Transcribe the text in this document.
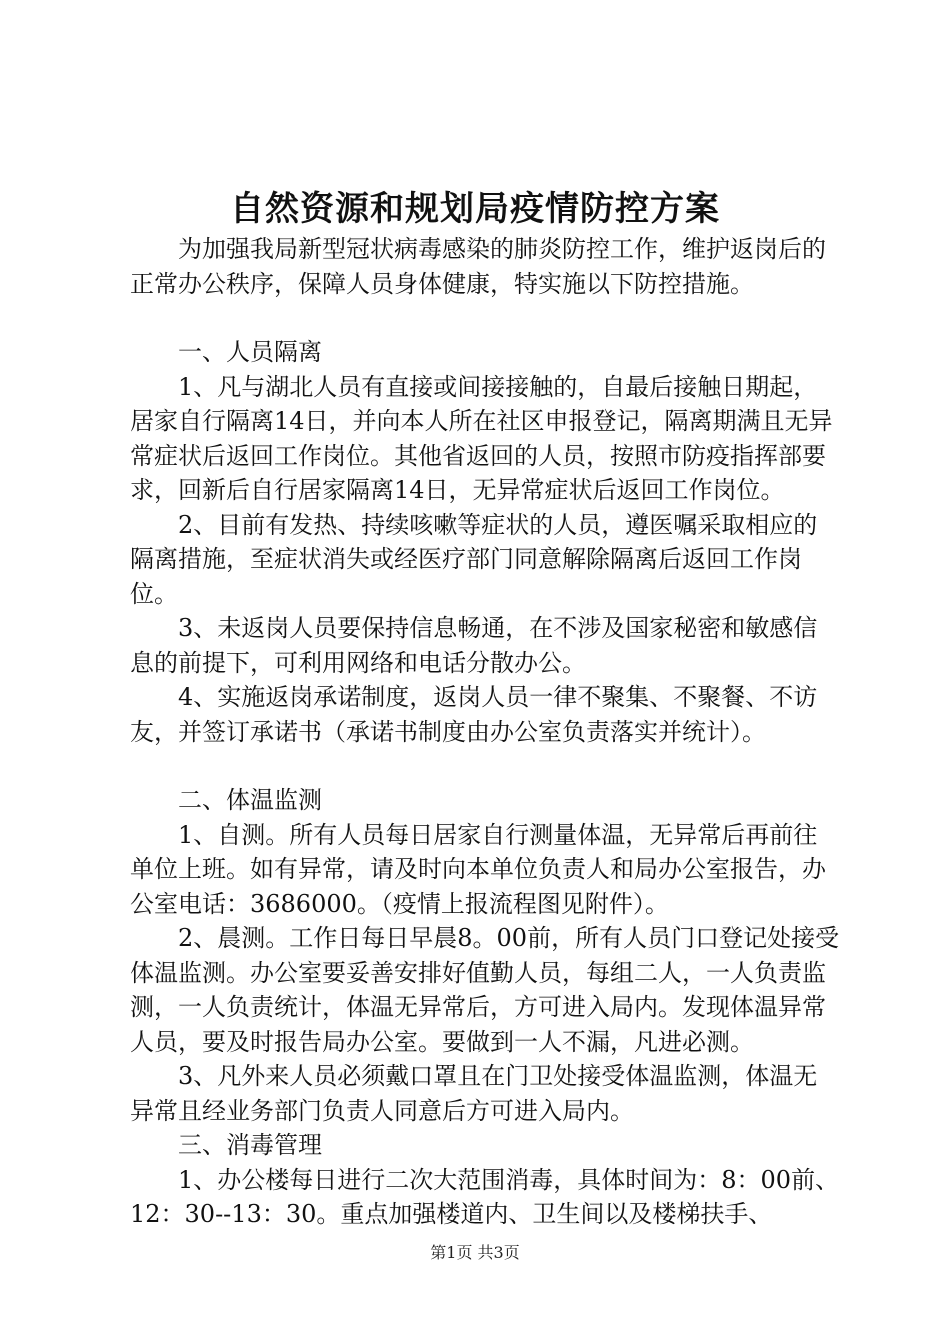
自然资源和规划局疫情防控方案

为加强我局新型冠状病毒感染的肺炎防控工作，维护返岗后的正常办公秩序，保障人员身体健康，特实施以下防控措施。

一、人员隔离

1、凡与湖北人员有直接或间接接触的，自最后接触日期起，居家自行隔离14日，并向本人所在社区申报登记，隔离期满且无异常症状后返回工作岗位。其他省返回的人员，按照市防疫指挥部要求，回新后自行居家隔离14日，无异常症状后返回工作岗位。

2、目前有发热、持续咳嗽等症状的人员，遵医嘱采取相应的隔离措施，至症状消失或经医疗部门同意解除隔离后返回工作岗位。

3、未返岗人员要保持信息畅通，在不涉及国家秘密和敏感信息的前提下，可利用网络和电话分散办公。

4、实施返岗承诺制度，返岗人员一律不聚集、不聚餐、不访友，并签订承诺书（承诺书制度由办公室负责落实并统计）。

二、体温监测

1、自测。所有人员每日居家自行测量体温，无异常后再前往单位上班。如有异常，请及时向本单位负责人和局办公室报告，办公室电话：3686000。（疫情上报流程图见附件）。

2、晨测。工作日每日早晨8。00前，所有人员门口登记处接受体温监测。办公室要妥善安排好值勤人员，每组二人，一人负责监测，一人负责统计，体温无异常后，方可进入局内。发现体温异常人员，要及时报告局办公室。要做到一人不漏，凡进必测。

3、凡外来人员必须戴口罩且在门卫处接受体温监测，体温无异常且经业务部门负责人同意后方可进入局内。

三、消毒管理

1、办公楼每日进行二次大范围消毒，具体时间为：8：00前、12：30--13：30。重点加强楼道内、卫生间以及楼梯扶手、

第1页 共3页
